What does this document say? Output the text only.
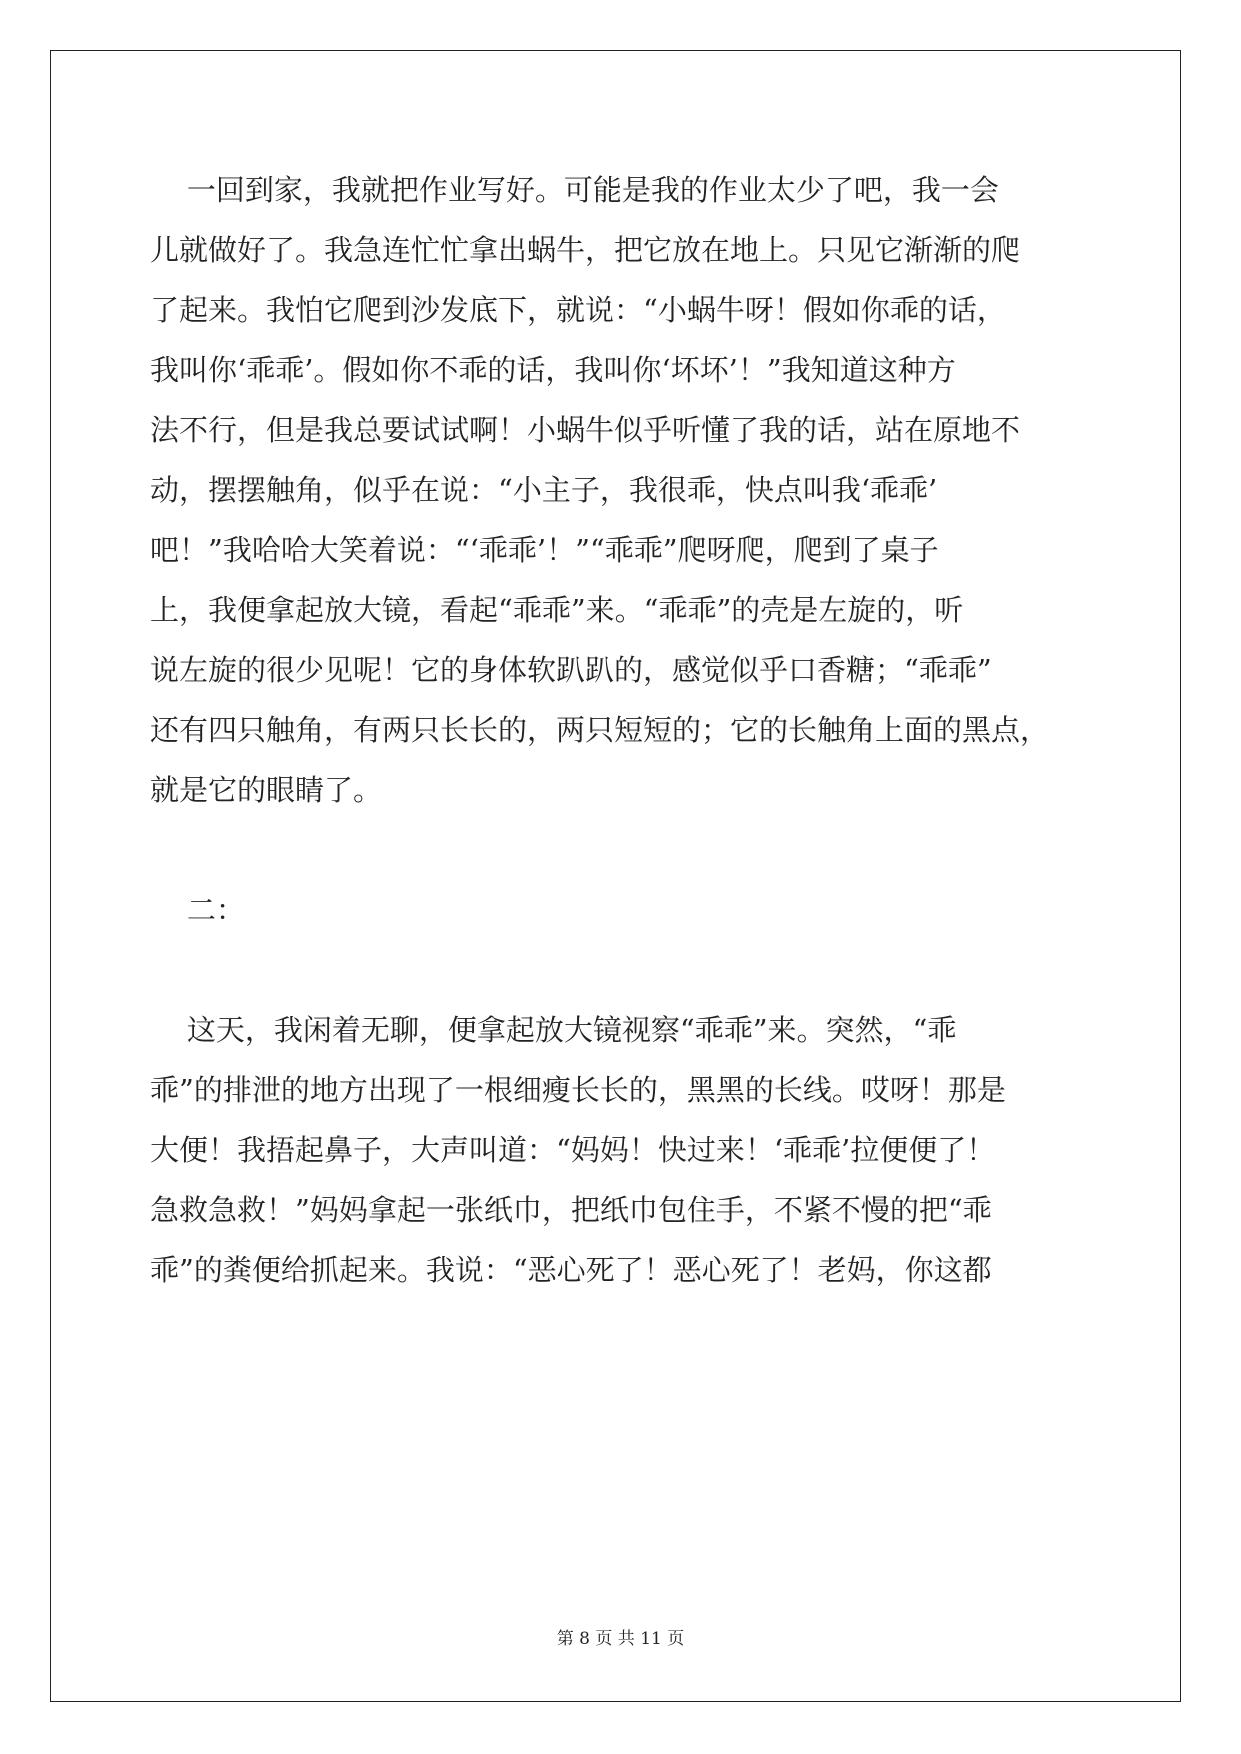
一回到家，我就把作业写好。可能是我的作业太少了吧，我一会

儿就做好了。我急连忙忙拿出蜗牛，把它放在地上。只见它渐渐的爬

了起来。我怕它爬到沙发底下，就说：“小蜗牛呀！假如你乖的话，

我叫你‘乖乖’。假如你不乖的话，我叫你‘坏坏’！”我知道这种方

法不行，但是我总要试试啊！小蜗牛似乎听懂了我的话，站在原地不

动，摆摆触角，似乎在说：“小主子，我很乖，快点叫我‘乖乖’

吧！”我哈哈大笑着说：“‘乖乖’！”“乖乖”爬呀爬，爬到了桌子

上，我便拿起放大镜，看起“乖乖”来。“乖乖”的壳是左旋的，听

说左旋的很少见呢！它的身体软趴趴的，感觉似乎口香糖；“乖乖”

还有四只触角，有两只长长的，两只短短的；它的长触角上面的黑点，

就是它的眼睛了。

二：

这天，我闲着无聊，便拿起放大镜视察“乖乖”来。突然，“乖

乖”的排泄的地方出现了一根细瘦长长的，黑黑的长线。哎呀！那是

大便！我捂起鼻子，大声叫道：“妈妈！快过来！‘乖乖’拉便便了！

急救急救！”妈妈拿起一张纸巾，把纸巾包住手，不紧不慢的把“乖

乖”的粪便给抓起来。我说：“恶心死了！恶心死了！老妈，你这都

第 8 页 共 11 页
